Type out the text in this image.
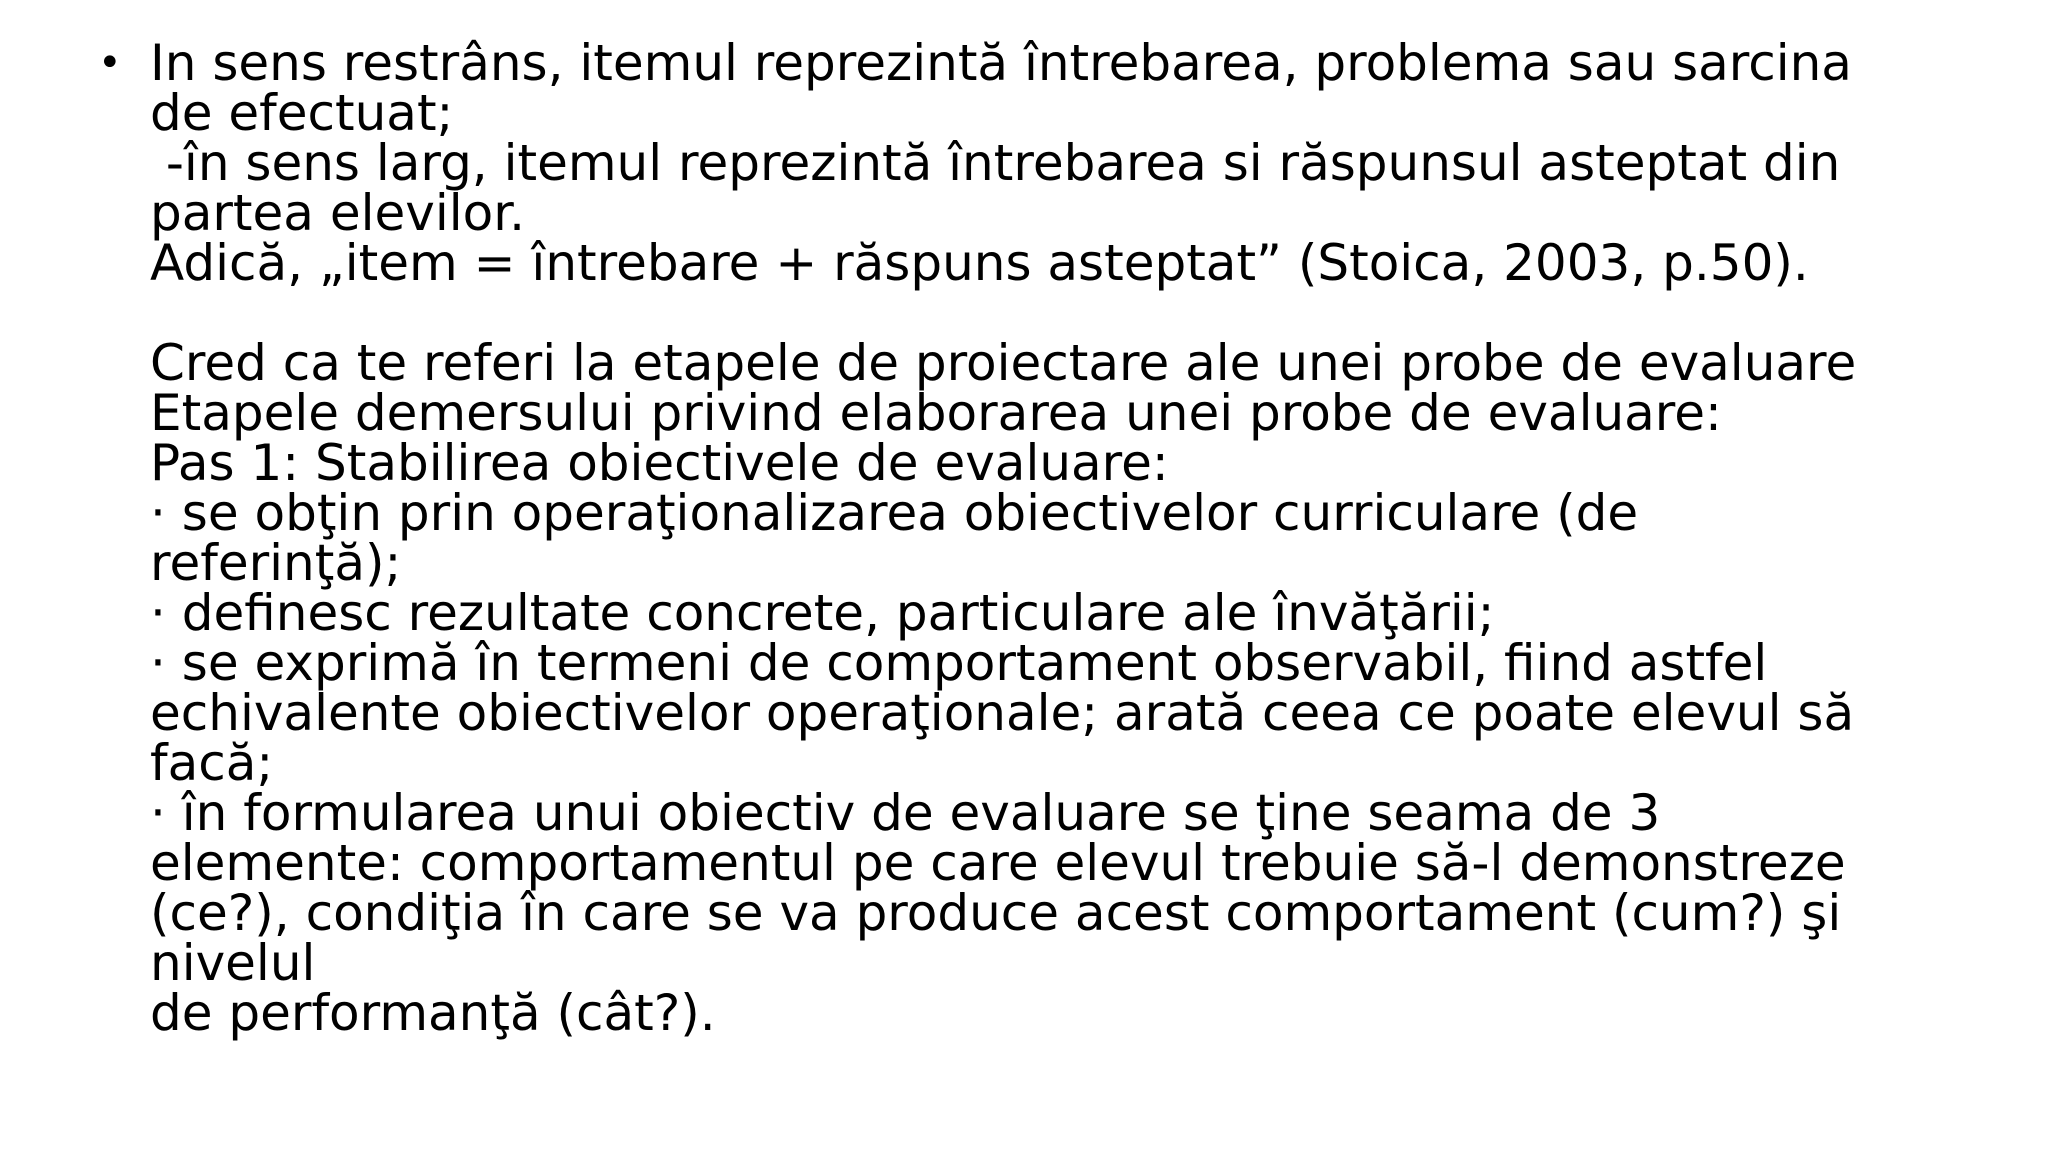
• In sens restrâns, itemul reprezintă întrebarea, problema sau sarcina
de efectuat;
-în sens larg, itemul reprezintă întrebarea si răspunsul asteptat din
partea elevilor.
Adică, „item = întrebare + răspuns asteptat” (Stoica, 2003, p.50).
Cred ca te referi la etapele de proiectare ale unei probe de evaluare
Etapele demersului privind elaborarea unei probe de evaluare:
Pas 1: Stabilirea obiectivele de evaluare:
· se obţin prin operaţionalizarea obiectivelor curriculare (de
referinţă);
· definesc rezultate concrete, particulare ale învăţării;
· se exprimă în termeni de comportament observabil, fiind astfel
echivalente obiectivelor operaţionale; arată ceea ce poate elevul să
facă;
· în formularea unui obiectiv de evaluare se ţine seama de 3
elemente: comportamentul pe care elevul trebuie să-l demonstreze
(ce?), condiţia în care se va produce acest comportament (cum?) şi
nivelul
de performanţă (cât?).
